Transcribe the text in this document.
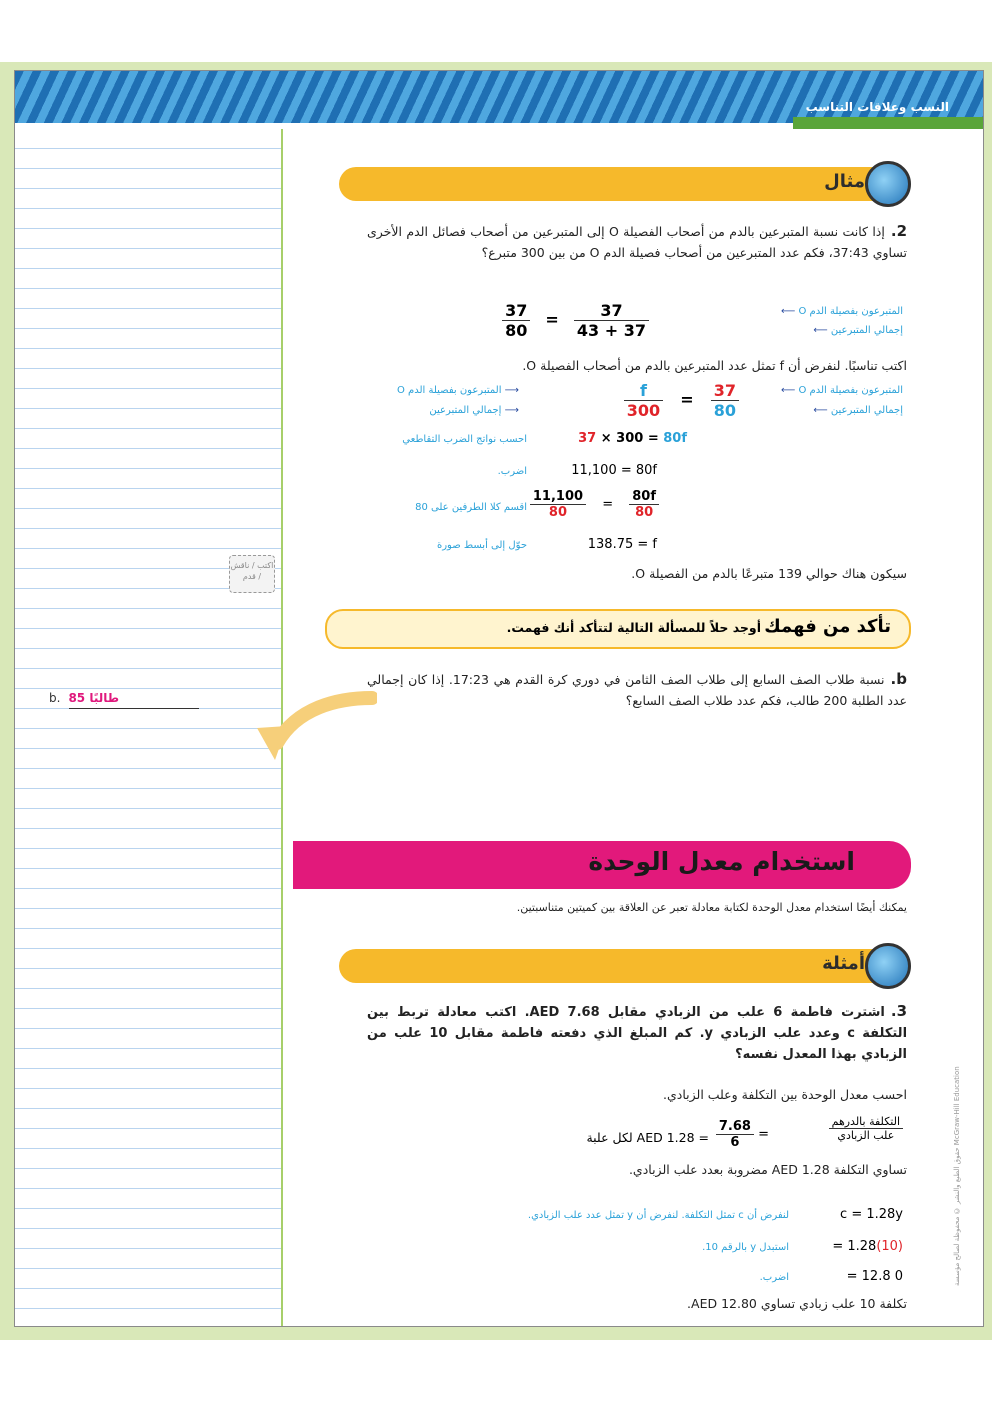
النسب وعلاقات التناسب
اكتب / ناقش / قدم
b. 85 طالبًا
مثال
2.إذا كانت نسبة المتبرعين بالدم من أصحاب الفصيلة O إلى المتبرعين من أصحاب فصائل الدم الأخرى تساوي 37:43، فكم عدد المتبرعين من أصحاب فصيلة الدم O من بين 300 متبرع؟
$\frac{37}{80} = \frac{37}{43 + 37}$	المتبرعون بفصيلة الدم O ⟵
إجمالي المتبرعين ⟵
اكتب تناسبًا. لنفرض أن f تمثل عدد المتبرعين بالدم من أصحاب الفصيلة O.
المتبرعون بفصيلة الدم O ⟵
إجمالي المتبرعين ⟵
$\frac{f}{300} = \frac{37}{80}$
⟶ المتبرعون بفصيلة الدم O
⟶ إجمالي المتبرعين
37 × 300 = 80f
احسب نواتج الضرب التقاطعي
11,100 = 80f
اضرب.
$\frac{11,100}{80} = \frac{80f}{80}$
اقسم كلا الطرفين على 80
138.75 = f
حوّل إلى أبسط صورة
سيكون هناك حوالي 139 متبرعًا بالدم من الفصيلة O.
تأكد من فهمك
أوجد حلاً للمسألة التالية لتتأكد أنك فهمت.
b.نسبة طلاب الصف السابع إلى طلاب الصف الثامن في دوري كرة القدم هي 17:23. إذا كان إجمالي عدد الطلبة 200 طالب، فكم عدد طلاب الصف السابع؟
استخدام معدل الوحدة
يمكنك أيضًا استخدام معدل الوحدة لكتابة معادلة تعبر عن العلاقة بين كميتين متناسبتين.
أمثلة
3.اشترت فاطمة 6 علب من الزبادي مقابل AED 7.68. اكتب معادلة تربط بين التكلفة c وعدد علب الزبادي y. كم المبلغ الذي دفعته فاطمة مقابل 10 علب من الزبادي بهذا المعدل نفسه؟
احسب معدل الوحدة بين التكلفة وعلب الزبادي.
$\frac{\text{التكلفة بالدرهم}}{\text{علب الزبادي}}$
=
$\frac{7.68}{6}$
= AED 1.28 لكل علبة
تساوي التكلفة AED 1.28 مضروبة بعدد علب الزبادي.
c = 1.28y
لنفرض أن c تمثل التكلفة. لنفرض أن y تمثل عدد علب الزبادي.
= 1.28(10)
استبدل y بالرقم 10.
= 12.8 0
اضرب.
تكلفة 10 علب زبادي تساوي AED 12.80.
حقوق الطبع والنشر © محفوظة لصالح مؤسسة McGraw-Hill Education
